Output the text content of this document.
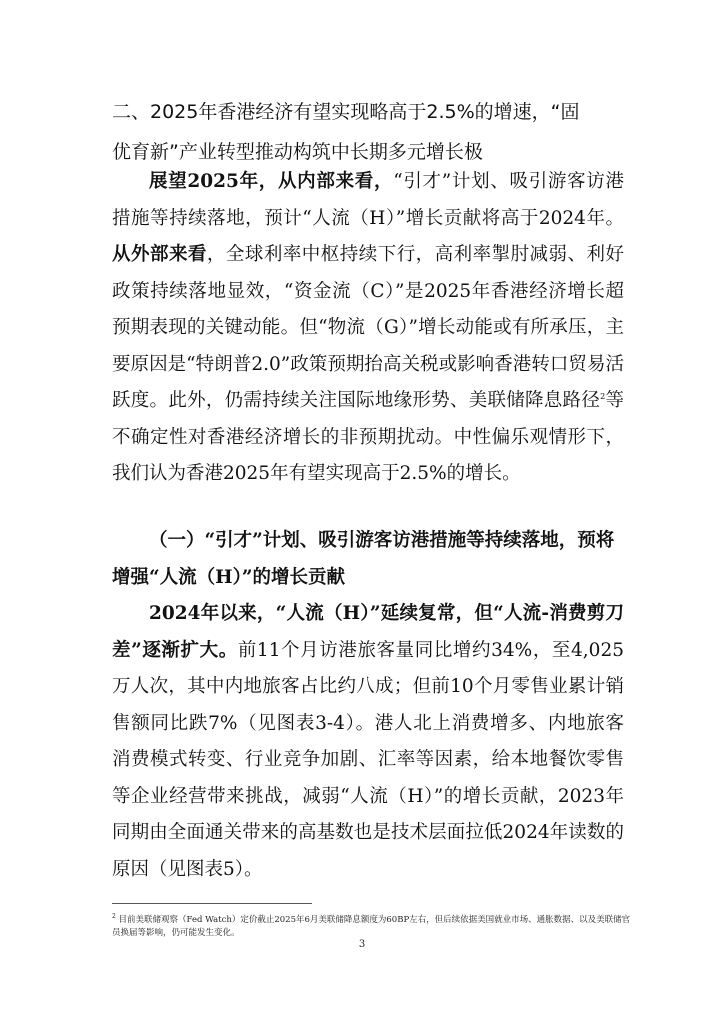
二、2025年香港经济有望实现略高于2.5%的增速，“固
优育新”产业转型推动构筑中长期多元增长极

展望2025年，从内部来看，“引才”计划、吸引游客访港措施等持续落地，预计“人流（H）”增长贡献将高于2024年。从外部来看，全球利率中枢持续下行，高利率掣肘减弱、利好政策持续落地显效，“资金流（C）”是2025年香港经济增长超预期表现的关键动能。但“物流（G）”增长动能或有所承压，主要原因是“特朗普2.0”政策预期抬高关税或影响香港转口贸易活跃度。此外，仍需持续关注国际地缘形势、美联储降息路径$^2$等不确定性对香港经济增长的非预期扰动。中性偏乐观情形下，我们认为香港2025年有望实现高于2.5%的增长。

（一）“引才”计划、吸引游客访港措施等持续落地，预将增强“人流（H）”的增长贡献

2024年以来，“人流（H）”延续复常，但“人流-消费剪刀差”逐渐扩大。前11个月访港旅客量同比增约34%，至4,025万人次，其中内地旅客占比约八成；但前10个月零售业累计销售额同比跌7%（见图表3-4）。港人北上消费增多、内地旅客消费模式转变、行业竞争加剧、汇率等因素，给本地餐饮零售等企业经营带来挑战，减弱“人流（H）”的增长贡献，2023年同期由全面通关带来的高基数也是技术层面拉低2024年读数的原因（见图表5）。

$^2$ 目前美联储观察（Fed Watch）定价截止2025年6月美联储降息额度为60BP左右，但后续依据美国就业市场、通胀数据、以及美联储官员换届等影响，仍可能发生变化。

3
